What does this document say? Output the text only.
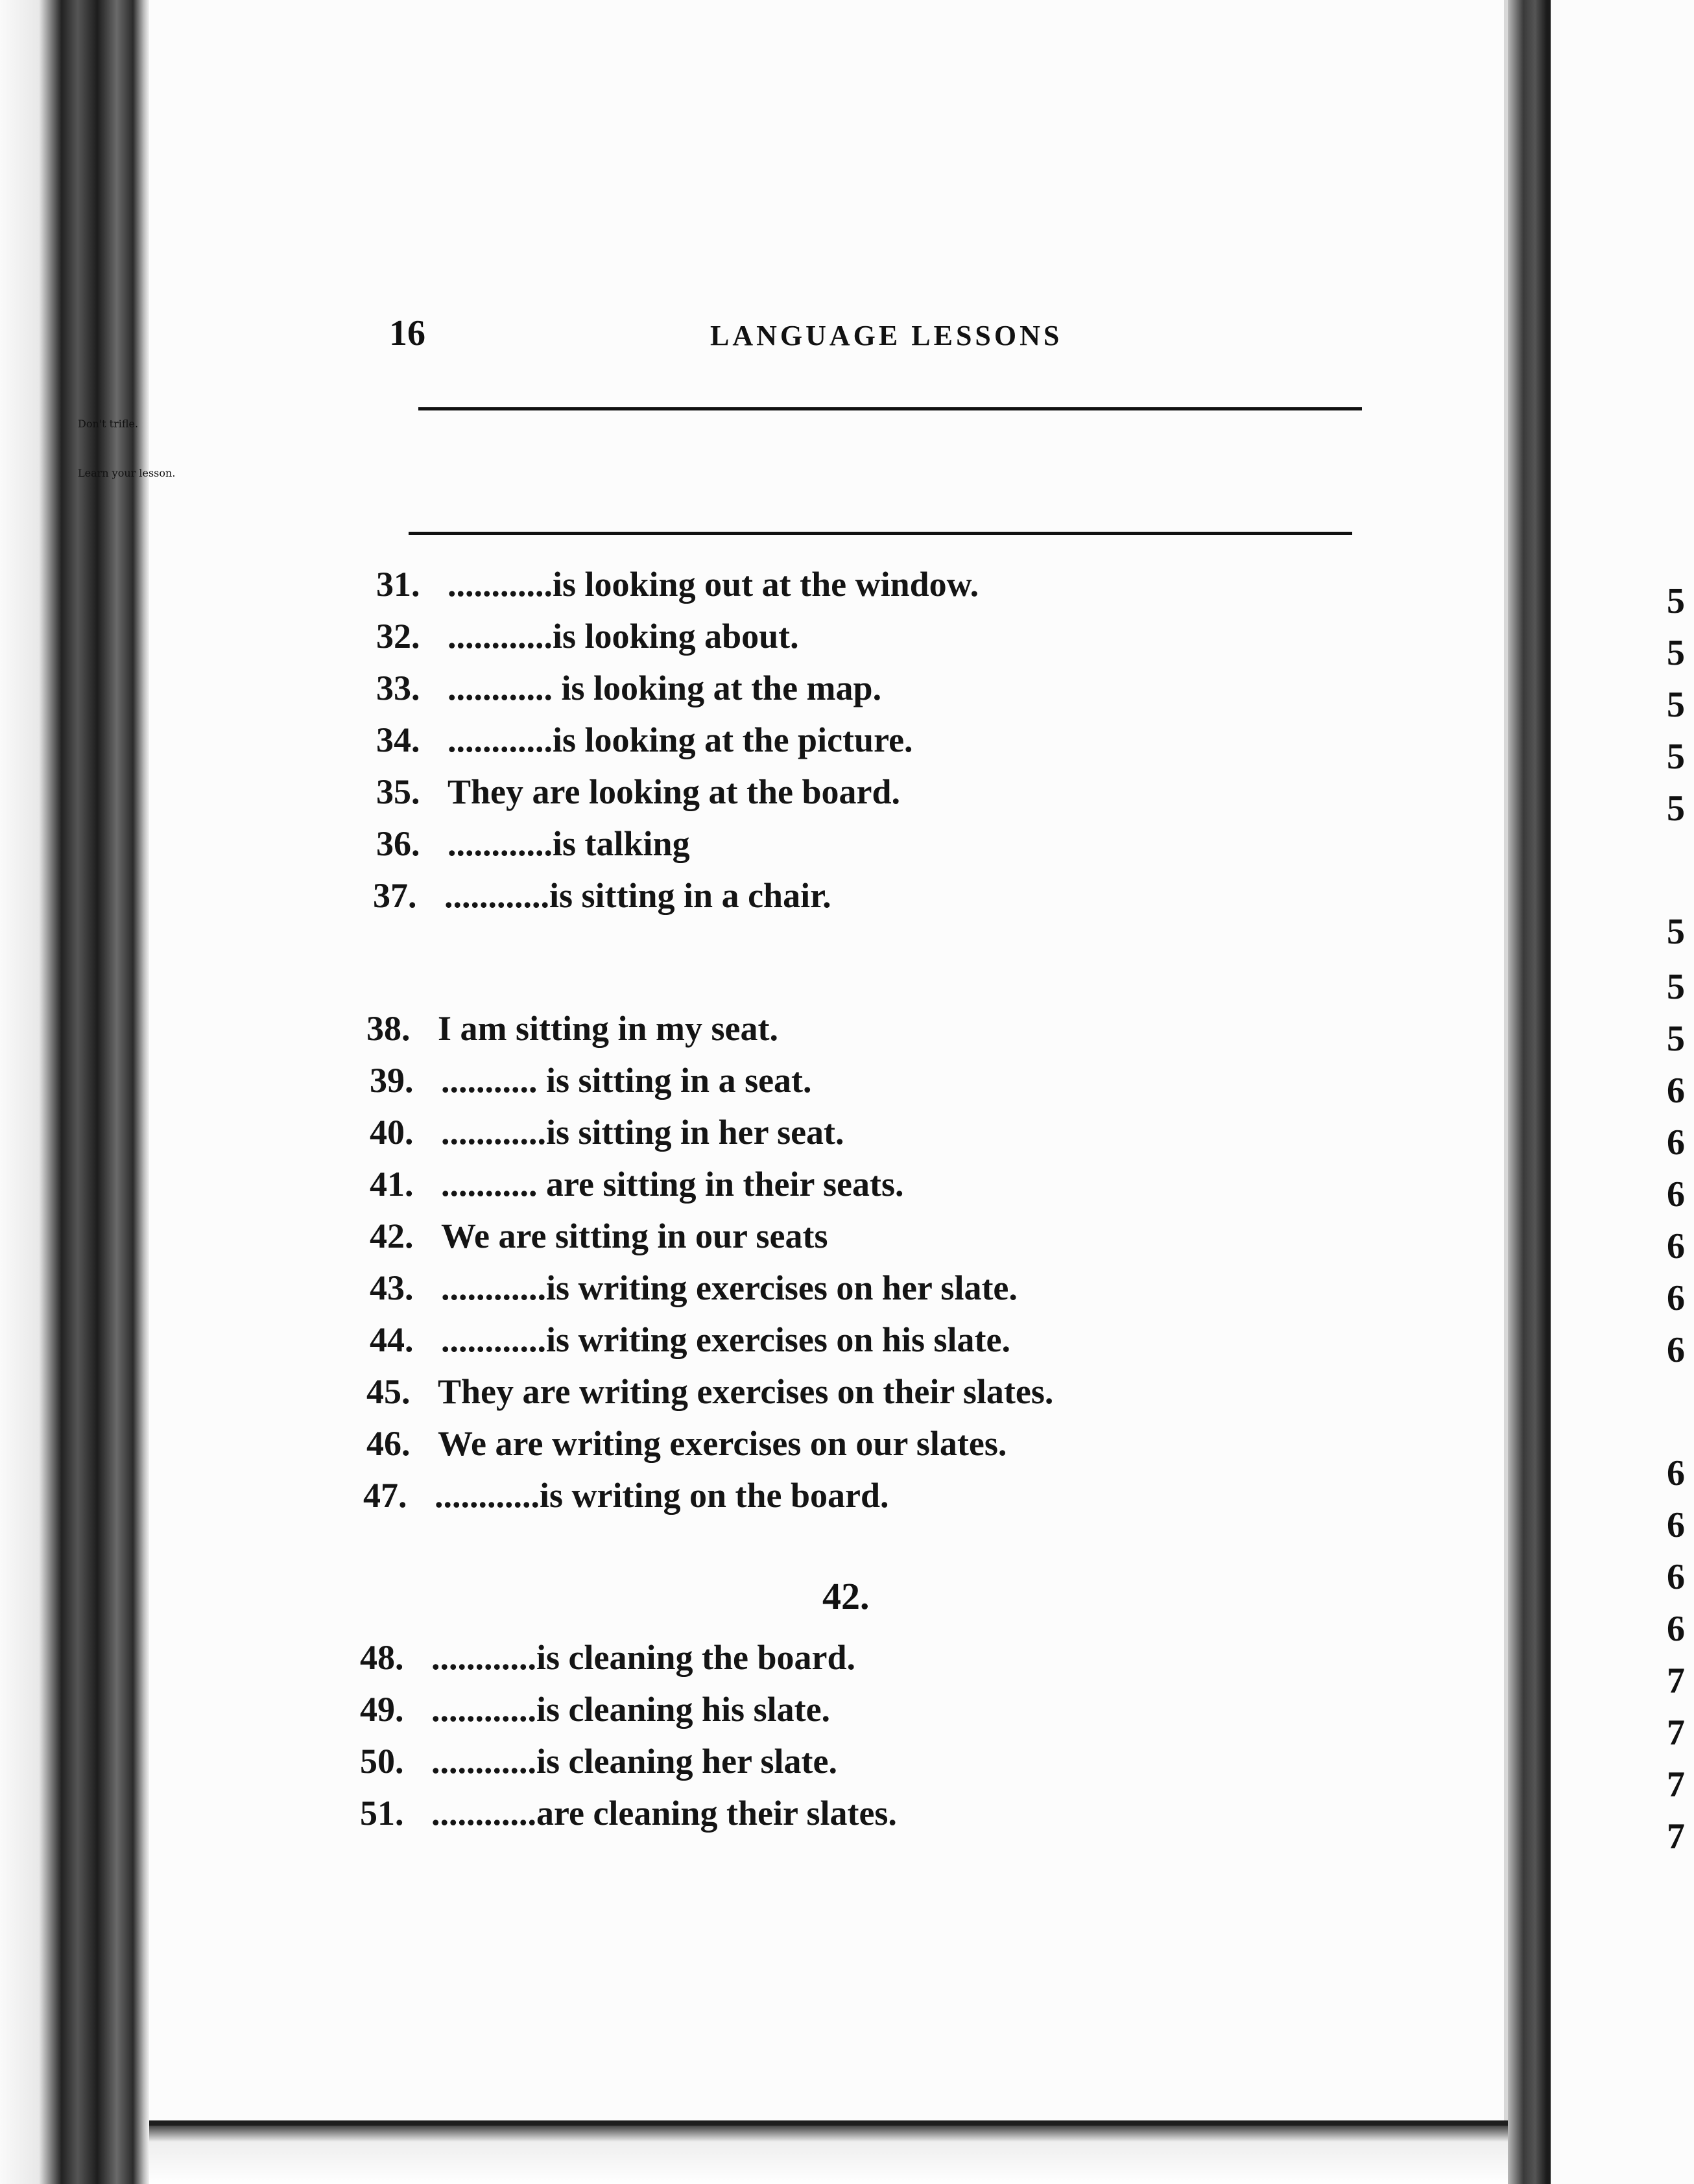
16	LANGUAGE LESSONS
Don't trifle.
Learn your lesson.
31. ............is looking out at the window.
32. ............is looking about.
33. ............ is looking at the map.
34. ............is looking at the picture.
35. They are looking at the board.
36. ............is talking
37. ............is sitting in a chair.
38. I am sitting in my seat.
39. ........... is sitting in a seat.
40. ............is sitting in her seat.
41. ........... are sitting in their seats.
42. We are sitting in our seats
43. ............is writing exercises on her slate.
44. ............is writing exercises on his slate.
45. They are writing exercises on their slates.
46. We are writing exercises on our slates.
47. ............is writing on the board.
42.
48. ............is cleaning the board.
49. ............is cleaning his slate.
50. ............is cleaning her slate.
51. ............are cleaning their slates.
5
5
5
5
5
5
5
5
6
6
6
6
6
6
6
6
6
6
7
7
7
7
